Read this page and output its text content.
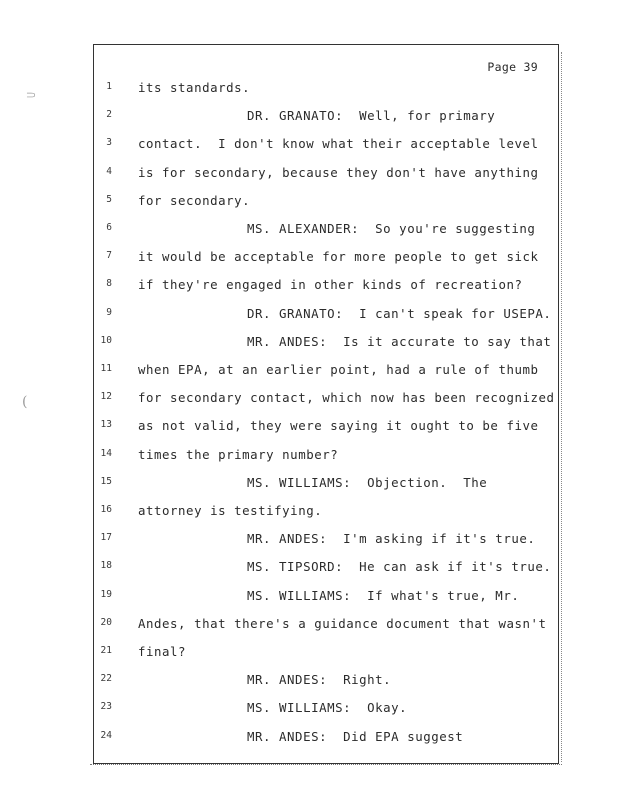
⸧
(
Page 39
1 its standards.
2	DR. GRANATO:  Well, for primary
3 contact.  I don't know what their acceptable level
4 is for secondary, because they don't have anything
5 for secondary.
6	MS. ALEXANDER:  So you're suggesting
7 it would be acceptable for more people to get sick
8 if they're engaged in other kinds of recreation?
9	DR. GRANATO:  I can't speak for USEPA.
10	MR. ANDES:  Is it accurate to say that
11 when EPA, at an earlier point, had a rule of thumb
12 for secondary contact, which now has been recognized
13 as not valid, they were saying it ought to be five
14 times the primary number?
15	MS. WILLIAMS:  Objection.  The
16 attorney is testifying.
17	MR. ANDES:  I'm asking if it's true.
18	MS. TIPSORD:  He can ask if it's true.
19	MS. WILLIAMS:  If what's true, Mr.
20 Andes, that there's a guidance document that wasn't
21 final?
22	MR. ANDES:  Right.
23	MS. WILLIAMS:  Okay.
24	MR. ANDES:  Did EPA suggest
